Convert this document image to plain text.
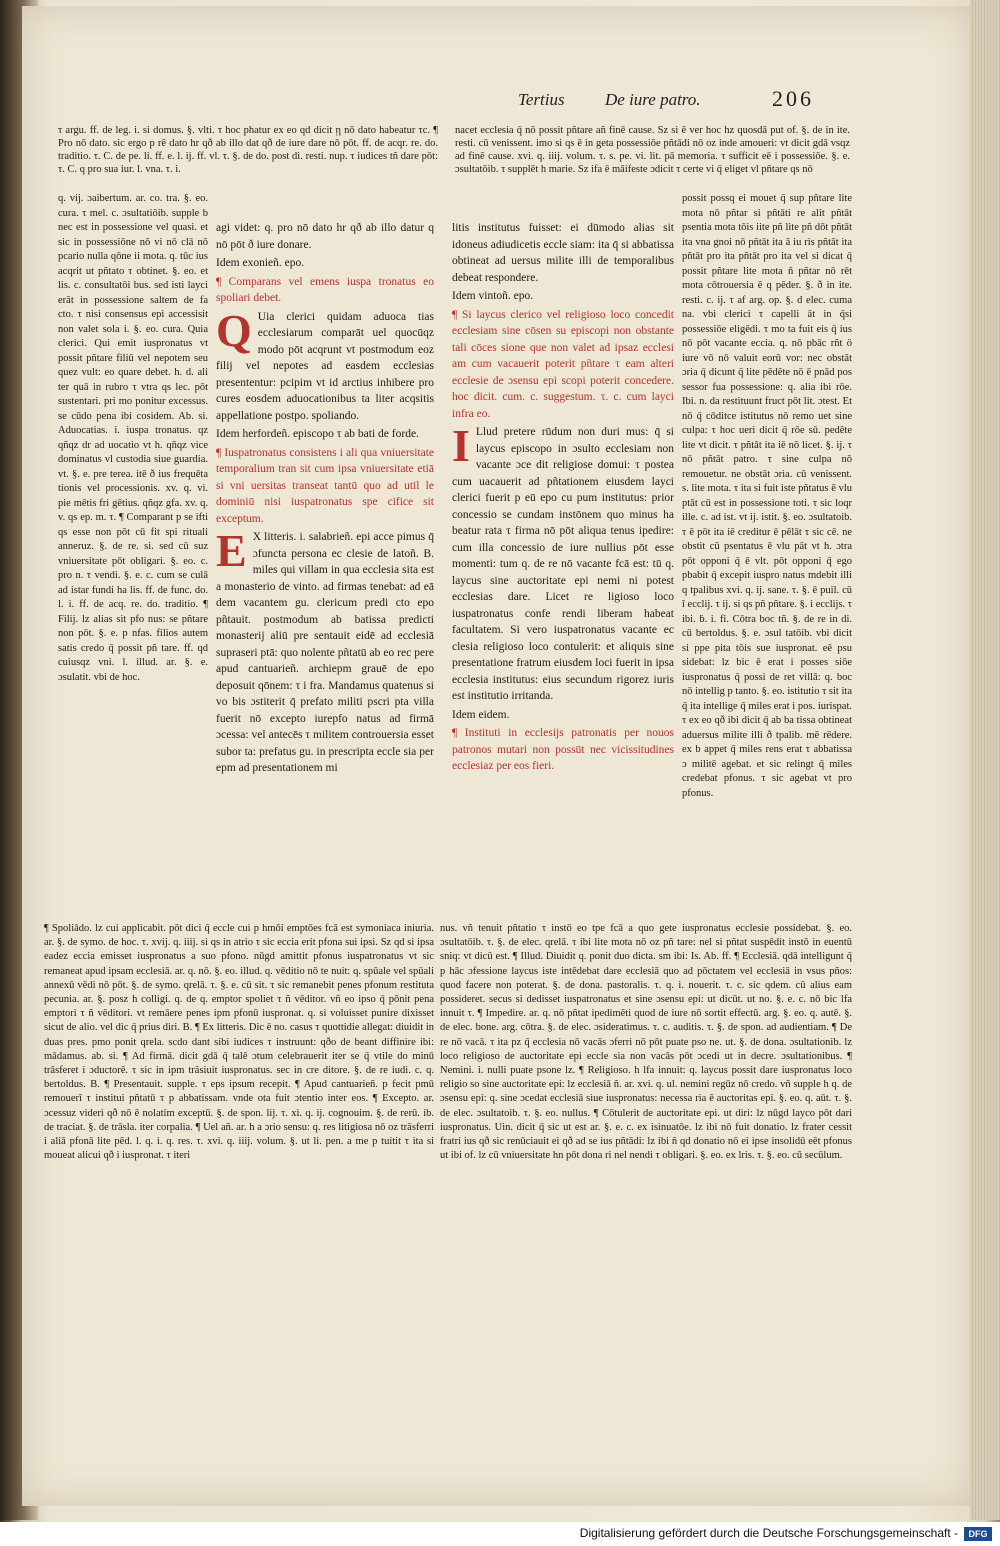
Tertius De iure patro.	206
τ argu. ff. de leg. i. si domus. §. vlti. τ hoc phatur ex eo qd dicit ῃ nō dato habeatur τc. ¶ Pro nō dato. sic ergo p rē dato hr qð ab illo dat qð de iure dare nō pōt. ff. de acqr. re. do. traditio. τ. C. de pe. li. ff. e. l. ij. ff. vl. τ. §. de do. post di. resti. nup. τ iudices tñ dare pōt: τ. C. q pro sua iur. l. vna. τ. i.
nacet ecclesia q̄ nō possit pñtare añ finē cause. Sz si ē ver hoc hz quosdā put of. §. de in ite. resti. cū venissent. imo si qs ē in geta possessiōe pñtādi nō oz inde amoueri: vt dicit gdā vsqz ad finē cause. xvi. q. iiij. volum. τ. s. pe. vi. lit. pā memoria. τ sufficit eē i possessiōe. §. e. ɔsultatōib. τ supplēt h marie. Sz ifa ē māifeste ɔdicit τ certe vi q̄ eliget vl pñtare qs nō
q. vij. ɔaibertum. ar. co. tra. §. eo. cura. τ mel. c. ɔsultatiōib. supple b nec est in possessione vel quasi. et sic in possessiōne nō vi nō clā nō pcario nulla qōne ii mota. q. tūc ius acqrit ut pñtato τ obtinet. §. eo. et lis. c. consultatōi bus. sed isti layci erāt in possessione saltem de fa cto. τ nisi consensus epi accessisit non valet sola i. §. eo. cura. Quia clerici. Qui emit iuspronatus vt possit pñtare filiū vel nepotem seu quez vult: eo quare debet. h. d. ali ter quā in rubro τ vtra qs lec. pōt sustentari. pri mo ponitur excessus. se cūdo pena ibi cosidem. Ab. si. Aduocatias. i. iuspa tronatus. qz qñqz dr ad uocatio vt h. qñqz vice dominatus vl custodia siue guardia. vt. §. e. pre terea. itē ð ius frequēta tionis vel processionis. xv. q. vi. pie mētis fri gētius. qñqz gfa. xv. q. v. qs ep. m. τ. ¶ Comparant p se ifti qs esse non pōt cū fit spi rituali anneruz. §. de re. si. sed cū suz vniuersitate pōt obligari. §. eo. c. pro n. τ vendi. §. e. c. cum se culā ad istar fundi ha lis. ff. de func. do. l. i. ff. de acq. re. do. traditio. ¶ Filij. lz alias sit pfo nus: se pñtare non pōt. §. e. p nfas. filios autem satis credo q̄ possit pñ tare. ff. qd cuiusqz vni. l. illud. ar. §. e. ɔsulatit. vbi de hoc.
possit possq ei mouet q̄ sup pñtare lite mota nō pñtar si pñtāti re alit pñtāt psentia mota tōis iite pñ lite pñ dōt pñtāt ita vna gnoi nō pñtāt ita ā iu ris pñtāt ita pñtāt pro ita pñtāt pro ita vel si dicat q̄ possit pñtare lite mota ñ pñtar nō rēt mota cōtrouersia ē q pēder. §. ð in ite. resti. c. ij. τ af arg. op. §. d elec. cuma na. vbi clerici τ capelli āt in q̄si possessiōe eligēdi. τ mo ta fuit eis q̄ ius nō pōt vacante eccia. q. nō pbāc rñt ö iure vō nō valuit eorū vor: nec obstāt ɔria q̄ dicunt q̄ lite pēdēte nō ē pnād pos sessor fua possessione: q. alia ibi rōe. Ibi. n. da restituunt fruct pōt lit. ɔtest. Et nō q̄ cōditce istitutus nō remo uet sine culpa: τ hoc ueri dicit q̄ rōe sū. pedēte lite vt dicit. τ pñtāt ita iē nō licet. §. ij. τ nō pñtāt patro. τ sine culpa nō remouetur. ne obstāt ɔria. cū venissent. s. lite mota. τ ita si fuit iste pñtatus ē vlu ptāt cū est in possessione toti. τ sic loqr ille. c. ad ist. vt ij. istit. §. eo. ɔsultatoib. τ ē pōt ita iē creditur ē pēlāt τ sic cē. ne obstit cū psentatus ē vlu pāt vt h. ɔtra pōt opponi q̄ ē vlt. pōt opponi q̄ ego pbabit q̄ excepit iuspro natus mdebit illi q tpalibus xvi. q. ij. sane. τ. §. ē puil. cū ī ecclij. τ ij. si qs pñ pñtare. §. i ecclijs. τ ibi. ḃ. i. fi. Cōtra boc tñ. §. de re in di. cū bertoldus. §. e. ɔsul tatōib. vbi dicit si ppe pita tōis sue iuspronat. eē psu sidebat: lz bic ē erat i posses siōe iuspronatus q̄ possi de ret villā: q. boc nō intellig p tanto. §. eo. istitutio τ sit ita q̄ ita intellige q̄ miles erat i pos. iurispat. τ ex eo qð ibi dicit q̄ ab ba tissa obtineat aduersus milite illi ð tpalib. mē rēdere. ex b appet q̄ miles rens erat τ abbatissa ɔ militē agebat. et sic relingt q̄ miles credebat pfonus. τ sic agebat vt pro pfonus.

agi videt: q. pro nō dato hr qð ab illo datur q nō pōt ð iure donare.

Idem exonieñ. epo.

¶ Comparans vel emens iuspa tronatus eo spoliari debet.

Q Uia clerici quidam aduoca tias ecclesiarum comparāt uel quocūqz modo pōt acqrunt vt postmodum eoz filij vel nepotes ad easdem ecclesias presententur: pcipim vt id arctius inhibere pro cures eosdem aduocationibus ta liter acqsitis appellatione postpo. spoliando.

Idem herfordeñ. episcopo τ ab bati de forde.

¶ Iuspatronatus consistens i ali qua vniuersitate temporalium tran sit cum ipsa vniuersitate etiā si vni uersitas transeat tantū quo ad util le dominiū nisi iuspatronatus spe cifice sit exceptum.

E X litteris. i. salabrieñ. epi acce pimus q̄ ɔfuncta persona ec clesie de latoñ. B. miles qui villam in qua ecclesia sita est a monasterio de vinto. ad firmas tenebat: ad eā dem vacantem gu. clericum predi cto epo pñtauit. postmodum ab batissa predicti monasterij aliū pre sentauit eidē ad ecclesiā supraseri ptā: quo nolente pñtatū ab eo rec pere apud cantuarieñ. archiepm grauē de epo deposuit qōnem: τ i fra. Mandamus quatenus si vo bis ɔstiterit q̄ prefato militi pscri pta villa fuerit nō excepto iurepfo natus ad firmā ɔcessa: vel antecēs τ militem controuersia esset subor ta: prefatus gu. in prescripta eccle sia per epm ad presentationem mi

litis institutus fuisset: ei dūmodo alias sit idoneus adiudicetis eccle siam: ita q̄ si abbatissa obtineat ad uersus milite illi de temporalibus debeat respondere.

Idem vintoñ. epo.

¶ Si laycus clerico vel religioso loco concedit ecclesiam sine cōsen su episcopi non obstante tali cōces sione que non valet ad ipsaz ecclesi am cum vacauerit poterit pñtare τ eam alteri ecclesie de ɔsensu epi scopi poterit concedere. hoc dicit. cum. c. suggestum. τ. c. cum layci infra eo.

I Llud pretere rūdum non duri mus: q̄ si laycus episcopo in ɔsulto ecclesiam non vacante ɔce dit religiose domui: τ postea cum uacauerit ad pñtationem eiusdem layci clerici fuerit p eū epo cu pum institutus: prior concessio se cundam instōnem quo minus ha beatur rata τ firma nō pōt aliqua tenus ipedire: cum illa concessio de iure nullius pōt esse momenti: tum q. de re nō vacante fcā est: tū q. laycus sine auctoritate epi nemi ni potest ecclesias dare. Licet re ligioso loco iuspatronatus confe rendi liberam habeat facultatem. Si vero iuspatronatus vacante ec clesia religioso loco contulerit: et aliquis sine presentatione fratrum eiusdem loci fuerit in ipsa ecclesia institutus: eius secundum rigorez iuris est institutio irritanda.

Idem eidem.

¶ Instituti in ecclesijs patronatis per nouos patronos mutari non possūt nec vicissitudines ecclesiaz per eos fieri.

¶ Spoliādo. lz cui applicabit. pōt dici q̄ eccle cui p hmōi emptōes fcā est symoniaca iniuria. ar. §. de symo. de hoc. τ. xvij. q. iiij. si qs in atrio τ sic eccia erit pfona sui ipsi. Sz qd si ipsa eadez eccia emisset iuspronatus a suo pfono. nūgd amittit pfonus iuspatronatus vt sic remaneat apud ipsam ecclesiā. ar. q. nō. §. eo. illud. q. vēditio nō te nuit: q. spūale vel spūali annexū vēdi nō pōt. §. de symo. qrelā. τ. §. e. cū sit. τ sic remanebit penes pfonum restituta pecunia. ar. §. posz h colligi. q. de q. emptor spoliet τ ñ vēditor. vñ eo ipso q̄ pōnit pena emptori τ ñ vēditori. vt remāere penes ipm pfonū iuspronat. q. si voluisset punire dixisset sicut de alio. vel dic q̄ prius diri. B. ¶ Ex litteris. Dic ē no. casus τ quottidie allegat: diuidit in duas pres. pmo ponit qrela. scdo dant sibi iudices τ instruunt: qðo de beant diffinire ibi: mādamus. ab. si. ¶ Ad firmā. dicit gdā q̄ talē ɔtum celebrauerit iter se q̄ vtile do minū trāsferet i ɔductorē. τ sic in ipm trāsiuit iuspronatus. sec in cre ditore. §. de re iudi. c. q. bertoldus. B. ¶ Presentauit. supple. τ eps ipsum recepit. ¶ Apud cantuarieñ. p fecit pmū remouerī τ institui pñtatū τ p abbatissam. vnde ota fuit ɔtentio inter eos. ¶ Excepto. ar. ɔcessuz videri qð nō ē nolatim exceptū. §. de spon. lij. τ. xi. q. ij. cognouim. §. de rerū. ib. de traciat. §. de trāsla. iter corpalia. ¶ Uel añ. ar. h a ɔrio sensu: q. res litigiosa nō oz trāsferri i aliā pfonā lite pēd. l. q. i. q. res. τ. xvi. q. iiij. volum. §. ut li. pen. a me p tuitit τ ita si moueat alicui qð i iuspronat. τ iteri
nus. vñ tenuit pñtatio τ instō eo tpe fcā a quo gete iuspronatus ecclesie possidebat. §. eo. ɔsultatōib. τ. §. de elec. qrelā. τ ibi lite mota nō oz pñ tare: nel si pñtat suspēdit instō in euentū sniq: vt dicū est. ¶ Illud. Diuidit q. ponit duo dicta. sm ibi: Is. Ab. ff. ¶ Ecclesiā. qdā intelligunt q̄ p hāc ɔfessione laycus iste intēdebat dare ecclesiā quo ad pōctatem vel ecclesiā in vsus pños: quod facere non poterat. §. de dona. pastoralis. τ. q. i. nouerit. τ. c. sic qdem. cū alius eam possideret. secus si dedisset iuspatronatus et sine ɔsensu epi: ut dicūt. ut no. §. e. c. nō bic lfa innuit τ. ¶ Impedire. ar. q. nō pñtat ipedimēti quod de iure nō sortit effectū. arg. §. eo. q. autē. §. de elec. bone. arg. cōtra. §. de elec. ɔsideratimus. τ. c. auditis. τ. §. de spon. ad audientiam. ¶ De re nō vacā. τ ita pz q̄ ecclesia nō vacās ɔferri nō pōt puate pso ne. ut. §. de dona. ɔsultationib. lz loco religioso de auctoritate epi eccle sia non vacās pōt ɔcedi ut in decre. ɔsultationibus. ¶ Nemini. i. nulli puate psone lz. ¶ Religioso. h lfa innuit: q. laycus possit dare iuspronatus loco religio so sine auctoritate epi: lz ecclesiā ñ. ar. xvi. q. ul. nemini regūz nō credo. vñ supple h q. de ɔsensu epi: q. sine ɔcedat ecclesiā siue iuspronatus: necessa ria ē auctoritas epi. §. eo. q. aūt. τ. §. de elec. ɔsultatoib. τ. §. eo. nullus. ¶ Cōtulerit de auctoritate epi. ut diri: lz nūgd layco pōt dari iuspronatus. Uin. dicit q̄ sic ut est ar. §. e. c. ex isinuatōe. lz ibi nō fuit donatio. lz frater cessit fratri ius qð sic renūciauit ei qð ad se ius pñtādi: lz ibi ñ qd donatio nō ei ipse insolidū eēt pfonus ut ibi of. lz cū vniuersitate hn pōt dona ri nel nendi τ obligari. §. eo. ex lris. τ. §. eo. cū secūlum.
Digitalisierung gefördert durch die Deutsche Forschungsgemeinschaft -	DFG
